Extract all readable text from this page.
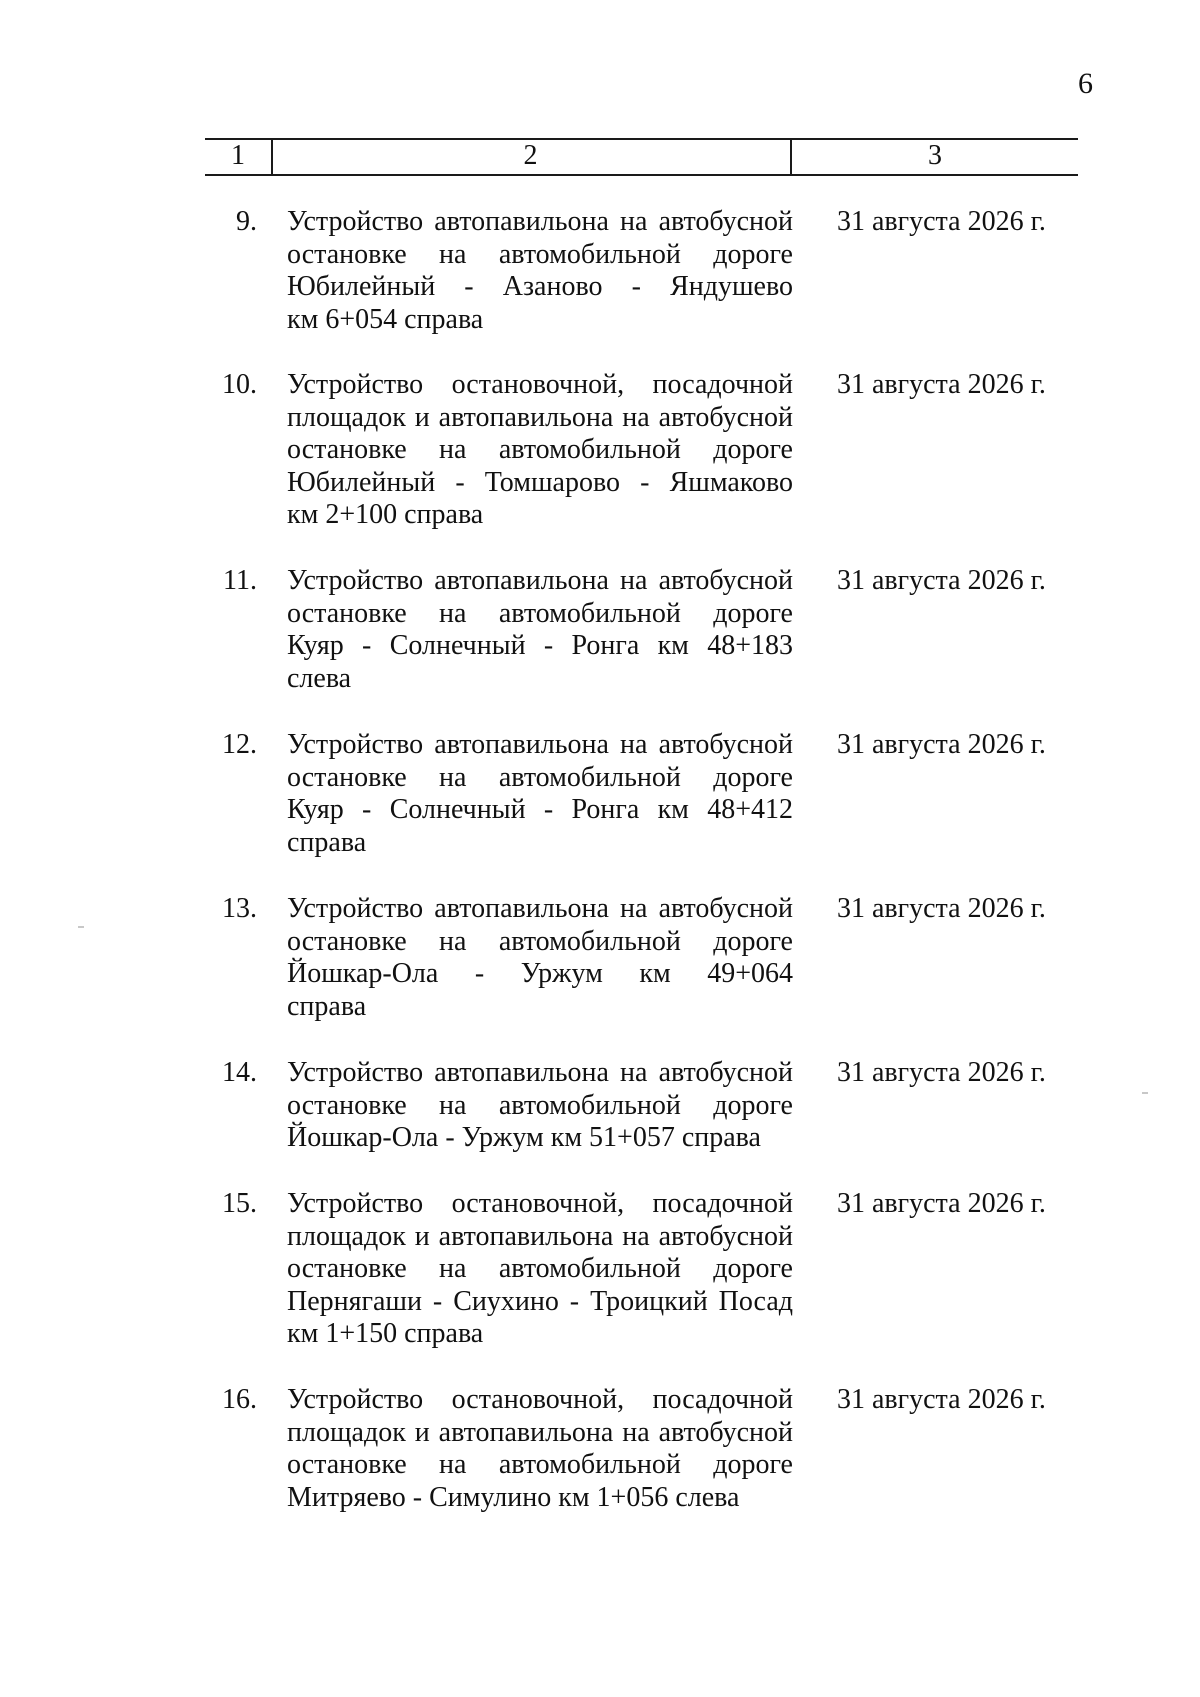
6
1	2	3
9. Устройство автопавильона на автобусной
остановке на автомобильной дороге
Юбилейный - Азаново - Яндушево
км 6+054 справа
31 августа 2026 г.
10. Устройство остановочной, посадочной
площадок и автопавильона на автобусной
остановке на автомобильной дороге
Юбилейный - Томшарово - Яшмаково
км 2+100 справа
31 августа 2026 г.
11. Устройство автопавильона на автобусной
остановке на автомобильной дороге
Куяр - Солнечный - Ронга км 48+183
слева
31 августа 2026 г.
12. Устройство автопавильона на автобусной
остановке на автомобильной дороге
Куяр - Солнечный - Ронга км 48+412
справа
31 августа 2026 г.
13. Устройство автопавильона на автобусной
остановке на автомобильной дороге
Йошкар-Ола - Уржум км 49+064
справа
31 августа 2026 г.
14. Устройство автопавильона на автобусной
остановке на автомобильной дороге
Йошкар-Ола - Уржум км 51+057 справа
31 августа 2026 г.
15. Устройство остановочной, посадочной
площадок и автопавильона на автобусной
остановке на автомобильной дороге
Пернягаши - Сиухино - Троицкий Посад
км 1+150 справа
31 августа 2026 г.
16. Устройство остановочной, посадочной
площадок и автопавильона на автобусной
остановке на автомобильной дороге
Митряево - Симулино км 1+056 слева
31 августа 2026 г.
